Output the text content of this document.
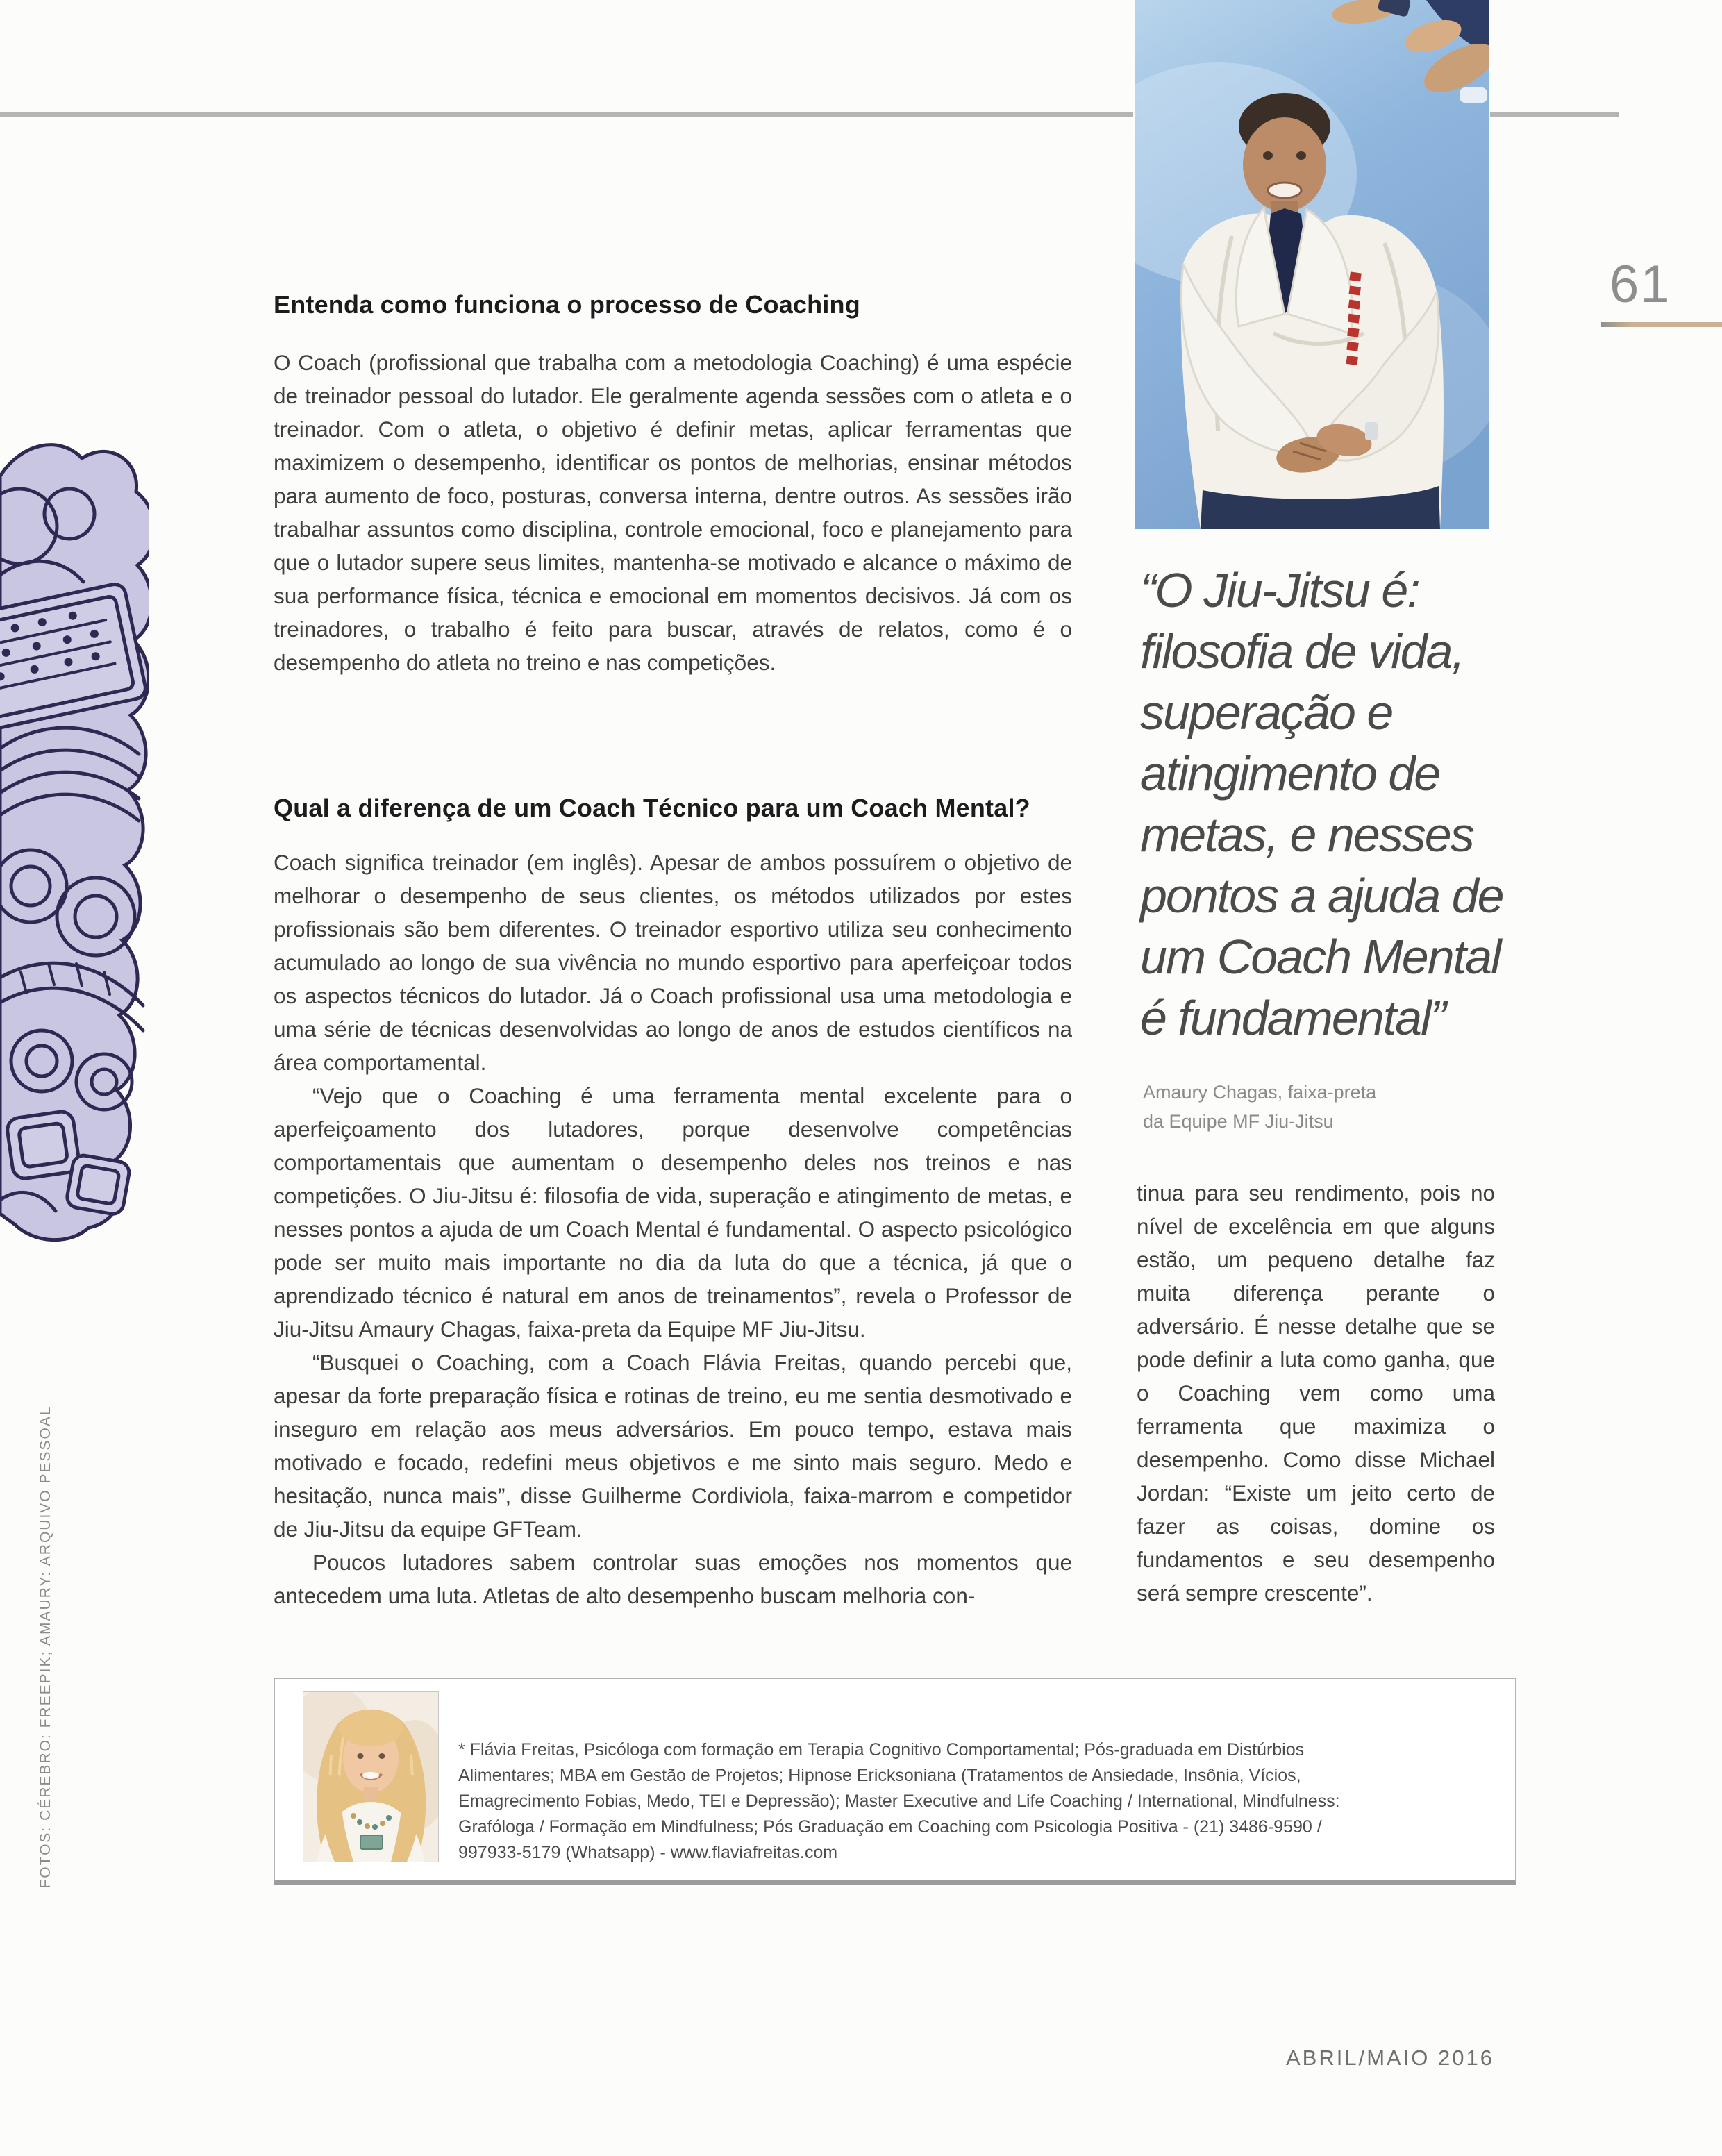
61
Entenda como funciona o processo de Coaching

O Coach (profissional que trabalha com a metodologia Coaching) é uma espécie de treinador pessoal do lutador. Ele geralmente agenda sessões com o atleta e o treinador. Com o atleta, o objetivo é definir metas, aplicar ferramentas que maximizem o desempenho, identificar os pontos de melhorias, ensinar métodos para aumento de foco, posturas, conversa interna, dentre outros. As sessões irão trabalhar assuntos como disciplina, controle emocional, foco e planejamento para que o lutador supere seus limites, mantenha-se motivado e alcance o máximo de sua performance física, técnica e emocional em momentos decisivos. Já com os treinadores, o trabalho é feito para buscar, através de relatos, como é o desempenho do atleta no treino e nas competições.

Qual a diferença de um Coach Técnico para um Coach Mental?

Coach significa treinador (em inglês). Apesar de ambos possuírem o objetivo de melhorar o desempenho de seus clientes, os métodos utilizados por estes profissionais são bem diferentes. O treinador esportivo utiliza seu conhecimento acumulado ao longo de sua vivência no mundo esportivo para aperfeiçoar todos os aspectos técnicos do lutador. Já o Coach profissional usa uma metodologia e uma série de técnicas desenvolvidas ao longo de anos de estudos científicos na área comportamental.

“Vejo que o Coaching é uma ferramenta mental excelente para o aperfeiçoamento dos lutadores, porque desenvolve competências comportamentais que aumentam o desempenho deles nos treinos e nas competições. O Jiu-Jitsu é: filosofia de vida, superação e atingimento de metas, e nesses pontos a ajuda de um Coach Mental é fundamental. O aspecto psicológico pode ser muito mais importante no dia da luta do que a técnica, já que o aprendizado técnico é natural em anos de treinamentos”, revela o Professor de Jiu-Jitsu Amaury Chagas, faixa-preta da Equipe MF Jiu-Jitsu.

“Busquei o Coaching, com a Coach Flávia Freitas, quando percebi que, apesar da forte preparação física e rotinas de treino, eu me sentia desmotivado e inseguro em relação aos meus adversários. Em pouco tempo, estava mais motivado e focado, redefini meus objetivos e me sinto mais seguro. Medo e hesitação, nunca mais”, disse Guilherme Cordiviola, faixa-marrom e competidor de Jiu-Jitsu da equipe GFTeam.

Poucos lutadores sabem controlar suas emoções nos momentos que antecedem uma luta. Atletas de alto desempenho buscam melhoria con-

“O Jiu-Jitsu é:
filosofia de vida,
superação e
atingimento de
metas, e nesses
pontos a ajuda de
um Coach Mental
é fundamental”
Amaury Chagas, faixa-preta
da Equipe MF Jiu-Jitsu
tinua para seu rendimento, pois no nível de excelência em que alguns estão, um pequeno detalhe faz muita diferença perante o adversário. É nesse detalhe que se pode definir a luta como ganha, que o Coaching vem como uma ferramenta que maximiza o desempenho. Como disse Michael Jordan: “Existe um jeito certo de fazer as coisas, domine os fundamentos e seu desempenho será sempre crescente”.
* Flávia Freitas, Psicóloga com formação em Terapia Cognitivo Comportamental; Pós-graduada em Distúrbios
Alimentares; MBA em Gestão de Projetos; Hipnose Ericksoniana (Tratamentos de Ansiedade, Insônia, Vícios,
Emagrecimento Fobias, Medo, TEI e Depressão); Master Executive and Life Coaching / International, Mindfulness:
Grafóloga / Formação em Mindfulness; Pós Graduação em Coaching com Psicologia Positiva - (21) 3486-9590 /
997933-5179 (Whatsapp) - www.flaviafreitas.com
ABRIL/MAIO 2016
FOTOS: CÉREBRO: FREEPIK; AMAURY: ARQUIVO PESSOAL
